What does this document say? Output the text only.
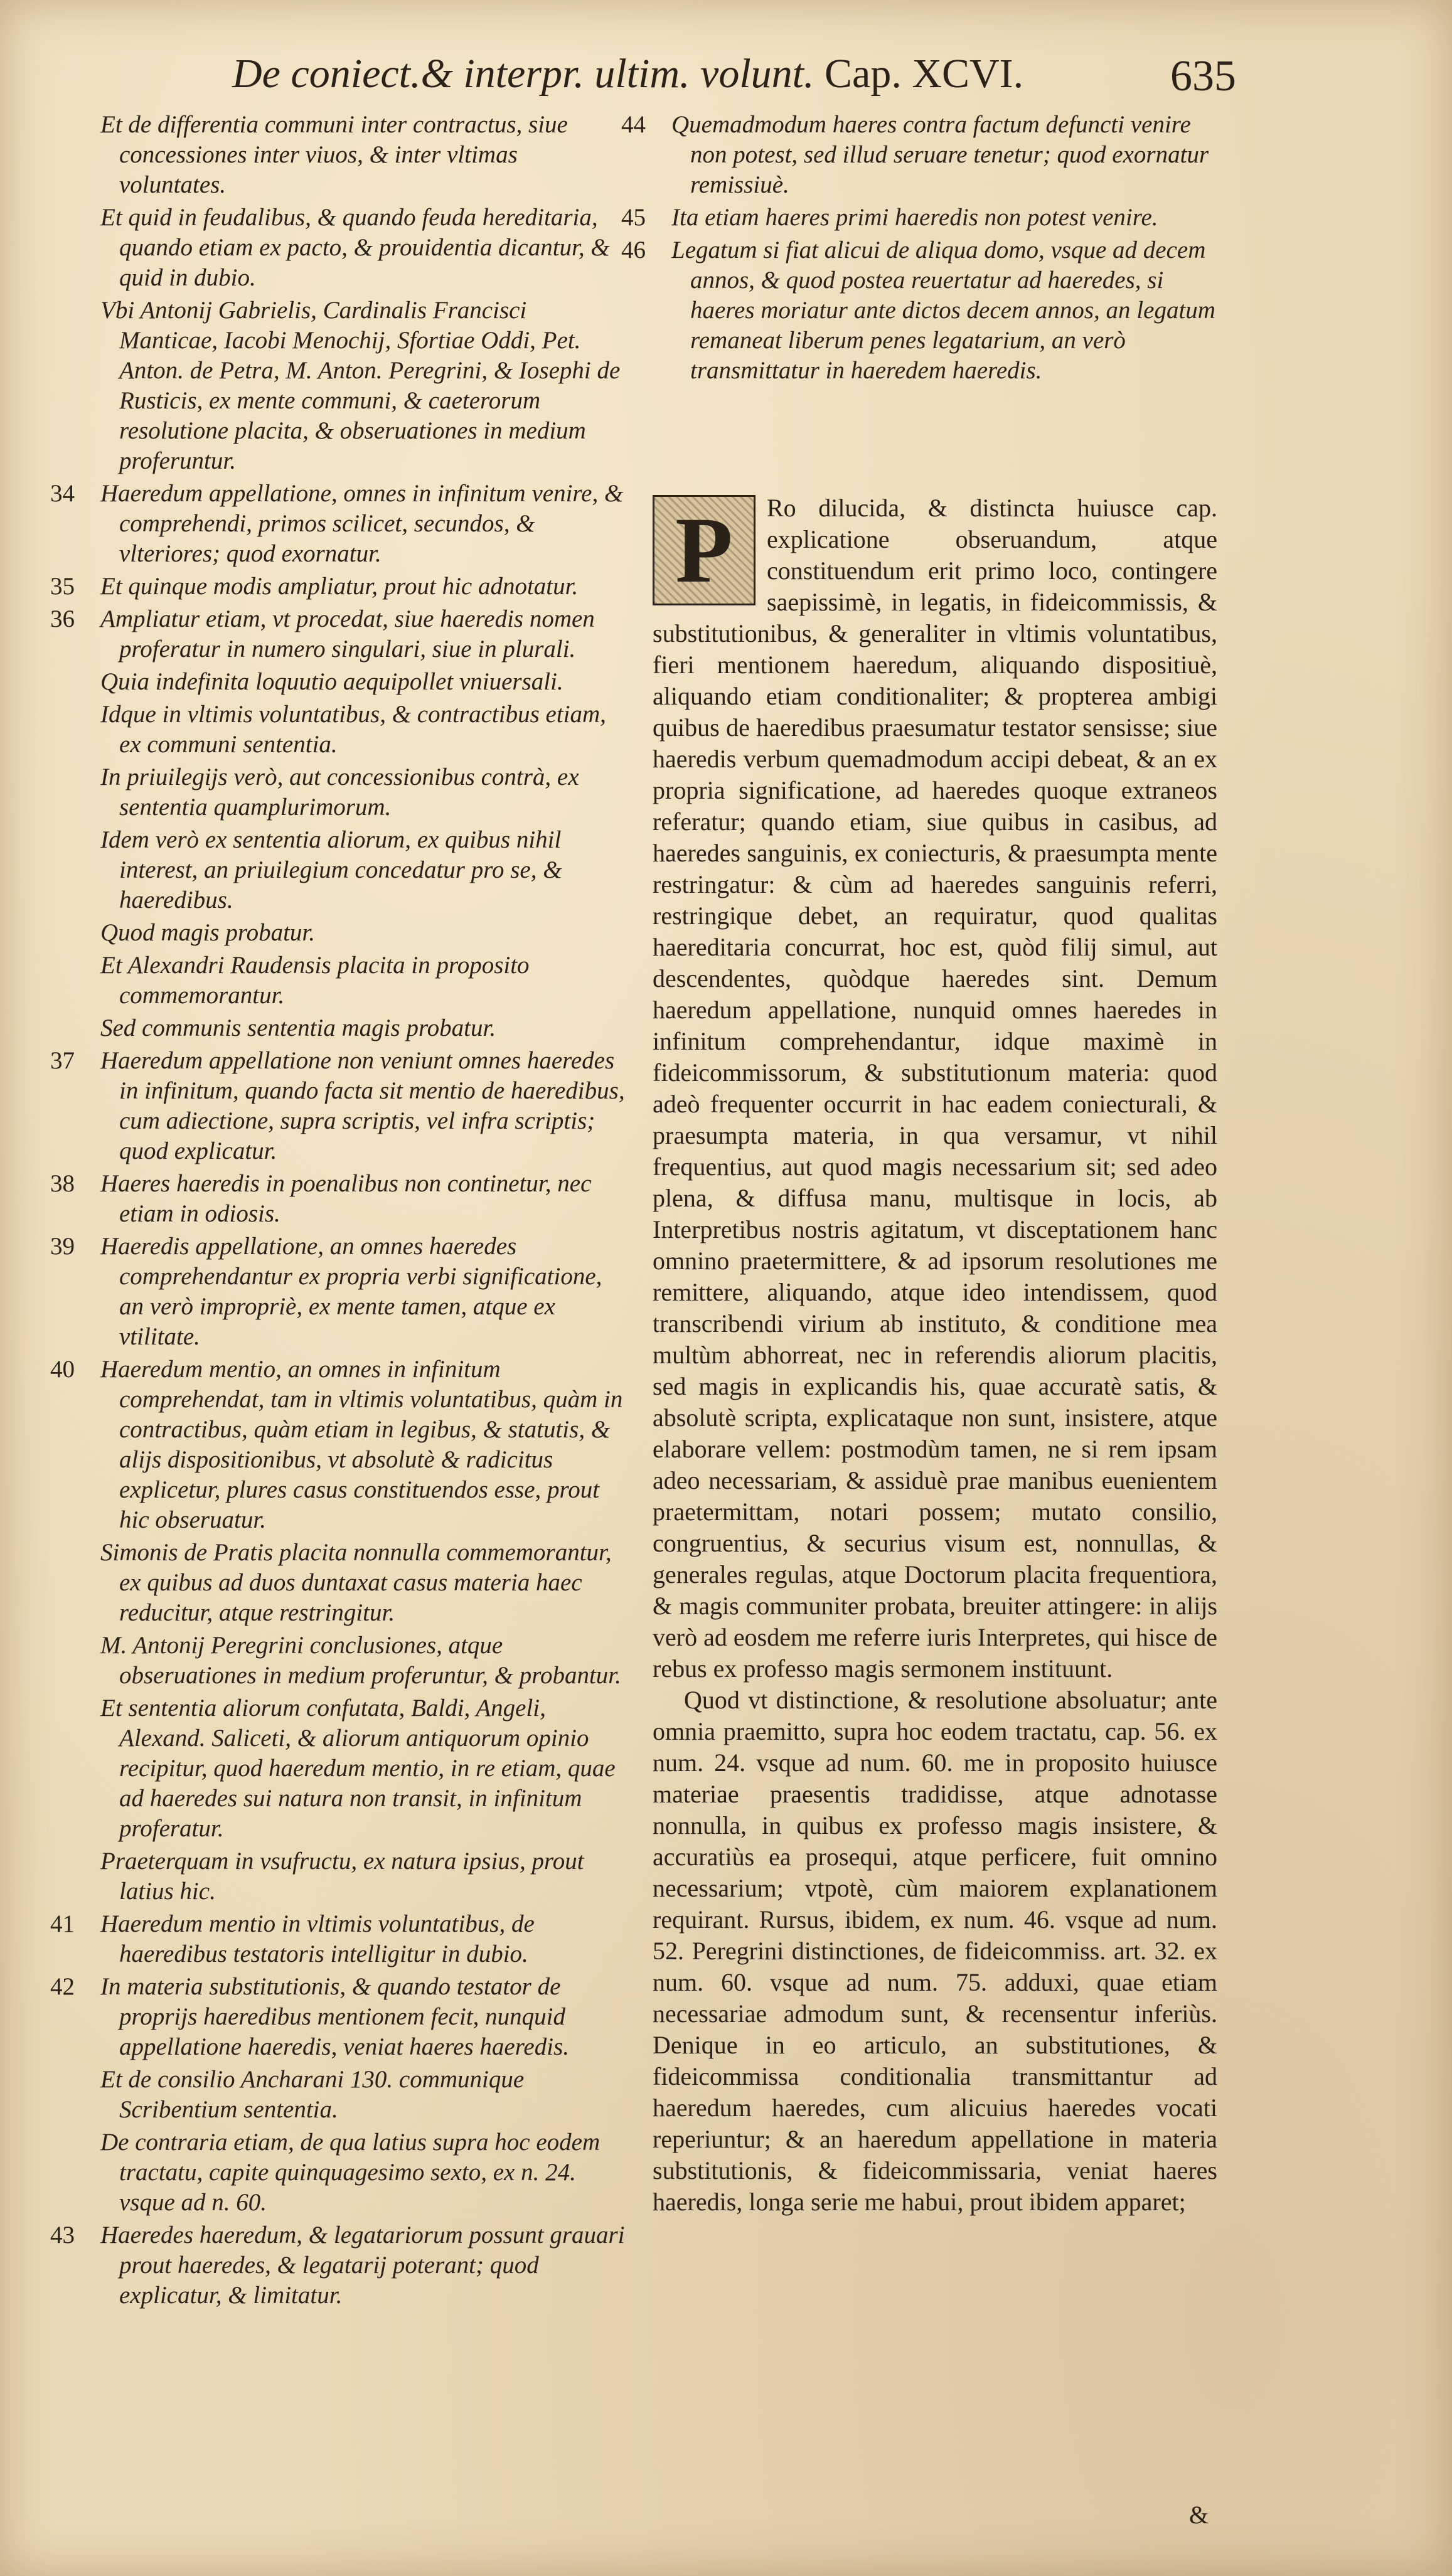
De coniect.& interpr. ultim. volunt. Cap. XCVI.	635
Et de differentia communi inter contractus, siue concessiones inter viuos, & inter vltimas voluntates.
Et quid in feudalibus, & quando feuda hereditaria, quando etiam ex pacto, & prouidentia dicantur, & quid in dubio.
Vbi Antonij Gabrielis, Cardinalis Francisci Manticae, Iacobi Menochij, Sfortiae Oddi, Pet. Anton. de Petra, M. Anton. Peregrini, & Iosephi de Rusticis, ex mente communi, & caeterorum resolutione placita, & obseruationes in medium proferuntur.
34 Haeredum appellatione, omnes in infinitum venire, & comprehendi, primos scilicet, secundos, & vlteriores; quod exornatur.
35 Et quinque modis ampliatur, prout hic adnotatur.
36 Ampliatur etiam, vt procedat, siue haeredis nomen proferatur in numero singulari, siue in plurali.
Quia indefinita loquutio aequipollet vniuersali.
Idque in vltimis voluntatibus, & contractibus etiam, ex communi sententia.
In priuilegijs verò, aut concessionibus contrà, ex sententia quamplurimorum.
Idem verò ex sententia aliorum, ex quibus nihil interest, an priuilegium concedatur pro se, & haeredibus.
Quod magis probatur.
Et Alexandri Raudensis placita in proposito commemorantur.
Sed communis sententia magis probatur.
37 Haeredum appellatione non veniunt omnes haeredes in infinitum, quando facta sit mentio de haeredibus, cum adiectione, supra scriptis, vel infra scriptis; quod explicatur.
38 Haeres haeredis in poenalibus non continetur, nec etiam in odiosis.
39 Haeredis appellatione, an omnes haeredes comprehendantur ex propria verbi significatione, an verò impropriè, ex mente tamen, atque ex vtilitate.
40 Haeredum mentio, an omnes in infinitum comprehendat, tam in vltimis voluntatibus, quàm in contractibus, quàm etiam in legibus, & statutis, & alijs dispositionibus, vt absolutè & radicitus explicetur, plures casus constituendos esse, prout hic obseruatur.
Simonis de Pratis placita nonnulla commemorantur, ex quibus ad duos duntaxat casus materia haec reducitur, atque restringitur.
M. Antonij Peregrini conclusiones, atque obseruationes in medium proferuntur, & probantur.
Et sententia aliorum confutata, Baldi, Angeli, Alexand. Saliceti, & aliorum antiquorum opinio recipitur, quod haeredum mentio, in re etiam, quae ad haeredes sui natura non transit, in infinitum proferatur.
Praeterquam in vsufructu, ex natura ipsius, prout latius hic.
41 Haeredum mentio in vltimis voluntatibus, de haeredibus testatoris intelligitur in dubio.
42 In materia substitutionis, & quando testator de proprijs haeredibus mentionem fecit, nunquid appellatione haeredis, veniat haeres haeredis.
Et de consilio Ancharani 130. communique Scribentium sententia.
De contraria etiam, de qua latius supra hoc eodem tractatu, capite quinquagesimo sexto, ex n. 24. vsque ad n. 60.
43 Haeredes haeredum, & legatariorum possunt grauari prout haeredes, & legatarij poterant; quod explicatur, & limitatur.
44 Quemadmodum haeres contra factum defuncti venire non potest, sed illud seruare tenetur; quod exornatur remissiuè.
45 Ita etiam haeres primi haeredis non potest venire.
46 Legatum si fiat alicui de aliqua domo, vsque ad decem annos, & quod postea reuertatur ad haeredes, si haeres moriatur ante dictos decem annos, an legatum remaneat liberum penes legatarium, an verò transmittatur in haeredem haeredis.

P	Ro dilucida, & distincta huiusce cap. explicatione obseruandum, atque constituendum erit primo loco, contingere saepissimè, in legatis, in fideicommissis, & substitutionibus, & generaliter in vltimis voluntatibus, fieri mentionem haeredum, aliquando dispositiuè, aliquando etiam conditionaliter; & propterea ambigi quibus de haeredibus praesumatur testator sensisse; siue haeredis verbum quemadmodum accipi debeat, & an ex propria significatione, ad haeredes quoque extraneos referatur; quando etiam, siue quibus in casibus, ad haeredes sanguinis, ex coniecturis, & praesumpta mente restringatur: & cùm ad haeredes sanguinis referri, restringique debet, an requiratur, quod qualitas haereditaria concurrat, hoc est, quòd filij simul, aut descendentes, quòdque haeredes sint. Demum haeredum appellatione, nunquid omnes haeredes in infinitum comprehendantur, idque maximè in fideicommissorum, & substitutionum materia: quod adeò frequenter occurrit in hac eadem coniecturali, & praesumpta materia, in qua versamur, vt nihil frequentius, aut quod magis necessarium sit; sed adeo plena, & diffusa manu, multisque in locis, ab Interpretibus nostris agitatum, vt disceptationem hanc omnino praetermittere, & ad ipsorum resolutiones me remittere, aliquando, atque ideo intendissem, quod transcribendi virium ab instituto, & conditione mea multùm abhorreat, nec in referendis aliorum placitis, sed magis in explicandis his, quae accuratè satis, & absolutè scripta, explicataque non sunt, insistere, atque elaborare vellem: postmodùm tamen, ne si rem ipsam adeo necessariam, & assiduè prae manibus euenientem praetermittam, notari possem; mutato consilio, congruentius, & securius visum est, nonnullas, & generales regulas, atque Doctorum placita frequentiora, & magis communiter probata, breuiter attingere: in alijs verò ad eosdem me referre iuris Interpretes, qui hisce de rebus ex professo magis sermonem instituunt.

Quod vt distinctione, & resolutione absoluatur; ante omnia praemitto, supra hoc eodem tractatu, cap. 56. ex num. 24. vsque ad num. 60. me in proposito huiusce materiae praesentis tradidisse, atque adnotasse nonnulla, in quibus ex professo magis insistere, & accuratiùs ea prosequi, atque perficere, fuit omnino necessarium; vtpotè, cùm maiorem explanationem requirant. Rursus, ibidem, ex num. 46. vsque ad num. 52. Peregrini distinctiones, de fideicommiss. art. 32. ex num. 60. vsque ad num. 75. adduxi, quae etiam necessariae admodum sunt, & recensentur inferiùs. Denique in eo articulo, an substitutiones, & fideicommissa conditionalia transmittantur ad haeredum haeredes, cum alicuius haeredes vocati reperiuntur; & an haeredum appellatione in materia substitutionis, & fideicommissaria, veniat haeres haeredis, longa serie me habui, prout ibidem apparet;

&
